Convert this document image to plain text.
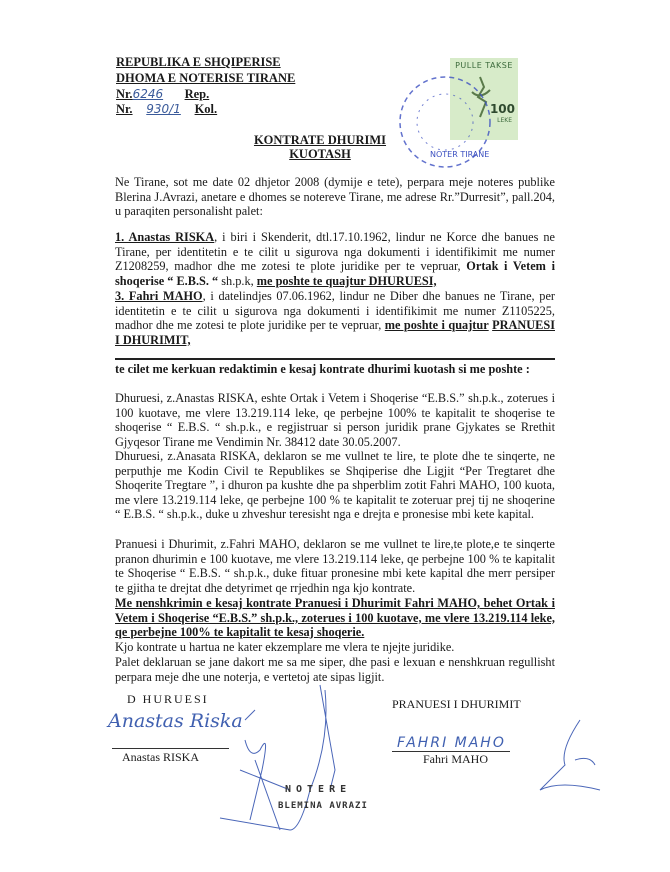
REPUBLIKA E SHQIPERISE
DHOMA E NOTERISE TIRANE
Nr.6246 Rep.
Nr. 930/1 Kol.
PULLE TAKSE
100
LEKE
NOTER TIRANE
KONTRATE DHURIMI
KUOTASH
Ne Tirane, sot me date 02 dhjetor 2008 (dymije e tete), perpara meje noteres publike Blerina J.Avrazi, anetare e dhomes se notereve Tirane, me adrese Rr.”Durresit”, pall.204, u paraqiten personalisht palet:
1. Anastas RISKA, i biri i Skenderit, dtl.17.10.1962, lindur ne Korce dhe banues ne Tirane, per identitetin e te cilit u sigurova nga dokumenti i identifikimit me numer Z1208259, madhor dhe me zotesi te plote juridike per te vepruar, Ortak i Vetem i shoqerise “ E.B.S. “ sh.p.k, me poshte te quajtur DHURUESI,
3. Fahri MAHO, i datelindjes 07.06.1962, lindur ne Diber dhe banues ne Tirane, per identitetin e te cilit u sigurova nga dokumenti i identifikimit me numer Z1105225, madhor dhe me zotesi te plote juridike per te vepruar, me poshte i quajtur PRANUESI I DHURIMIT,
te cilet me kerkuan redaktimin e kesaj kontrate dhurimi kuotash si me poshte :
Dhuruesi, z.Anastas RISKA, eshte Ortak i Vetem i Shoqerise “E.B.S.” sh.p.k., zoterues i 100 kuotave, me vlere 13.219.114 leke, qe perbejne 100% te kapitalit te shoqerise te shoqerise “ E.B.S. “ sh.p.k., e regjistruar si person juridik prane Gjykates se Rrethit Gjyqesor Tirane me Vendimin Nr. 38412 date 30.05.2007.
Dhuruesi, z.Anasata RISKA, deklaron se me vullnet te lire, te plote dhe te sinqerte, ne perputhje me Kodin Civil te Republikes se Shqiperise dhe Ligjit “Per Tregtaret dhe Shoqerite Tregtare ”, i dhuron pa kushte dhe pa shperblim zotit Fahri MAHO, 100 kuota, me vlere 13.219.114 leke, qe perbejne 100 % te kapitalit te zoteruar prej tij ne shoqerine “ E.B.S. “ sh.p.k., duke u zhveshur teresisht nga e drejta e pronesise mbi kete kapital.
Pranuesi i Dhurimit, z.Fahri MAHO, deklaron se me vullnet te lire,te plote,e te sinqerte pranon dhurimin e 100 kuotave, me vlere 13.219.114 leke, qe perbejne 100 % te kapitalit te Shoqerise “ E.B.S. “ sh.p.k., duke fituar pronesine mbi kete kapital dhe merr persiper te gjitha te drejtat dhe detyrimet qe rrjedhin nga kjo kontrate.
Me nenshkrimin e kesaj kontrate Pranuesi i Dhurimit Fahri MAHO, behet Ortak i Vetem i Shoqerise “E.B.S.” sh.p.k., zoterues i 100 kuotave, me vlere 13.219.114 leke, qe perbejne 100% te kapitalit te kesaj shoqerie.
Kjo kontrate u hartua ne kater ekzemplare me vlera te njejte juridike.
Palet deklaruan se jane dakort me sa me siper, dhe pasi e lexuan e nenshkruan regullisht perpara meje dhe une noterja, e vertetoj ate sipas ligjit.
D HURUESI
Anastas Riska
Anastas RISKA
PRANUESI I DHURIMIT
FAHRI MAHO
Fahri MAHO
NOTERE
BLEMINA AVRAZI
